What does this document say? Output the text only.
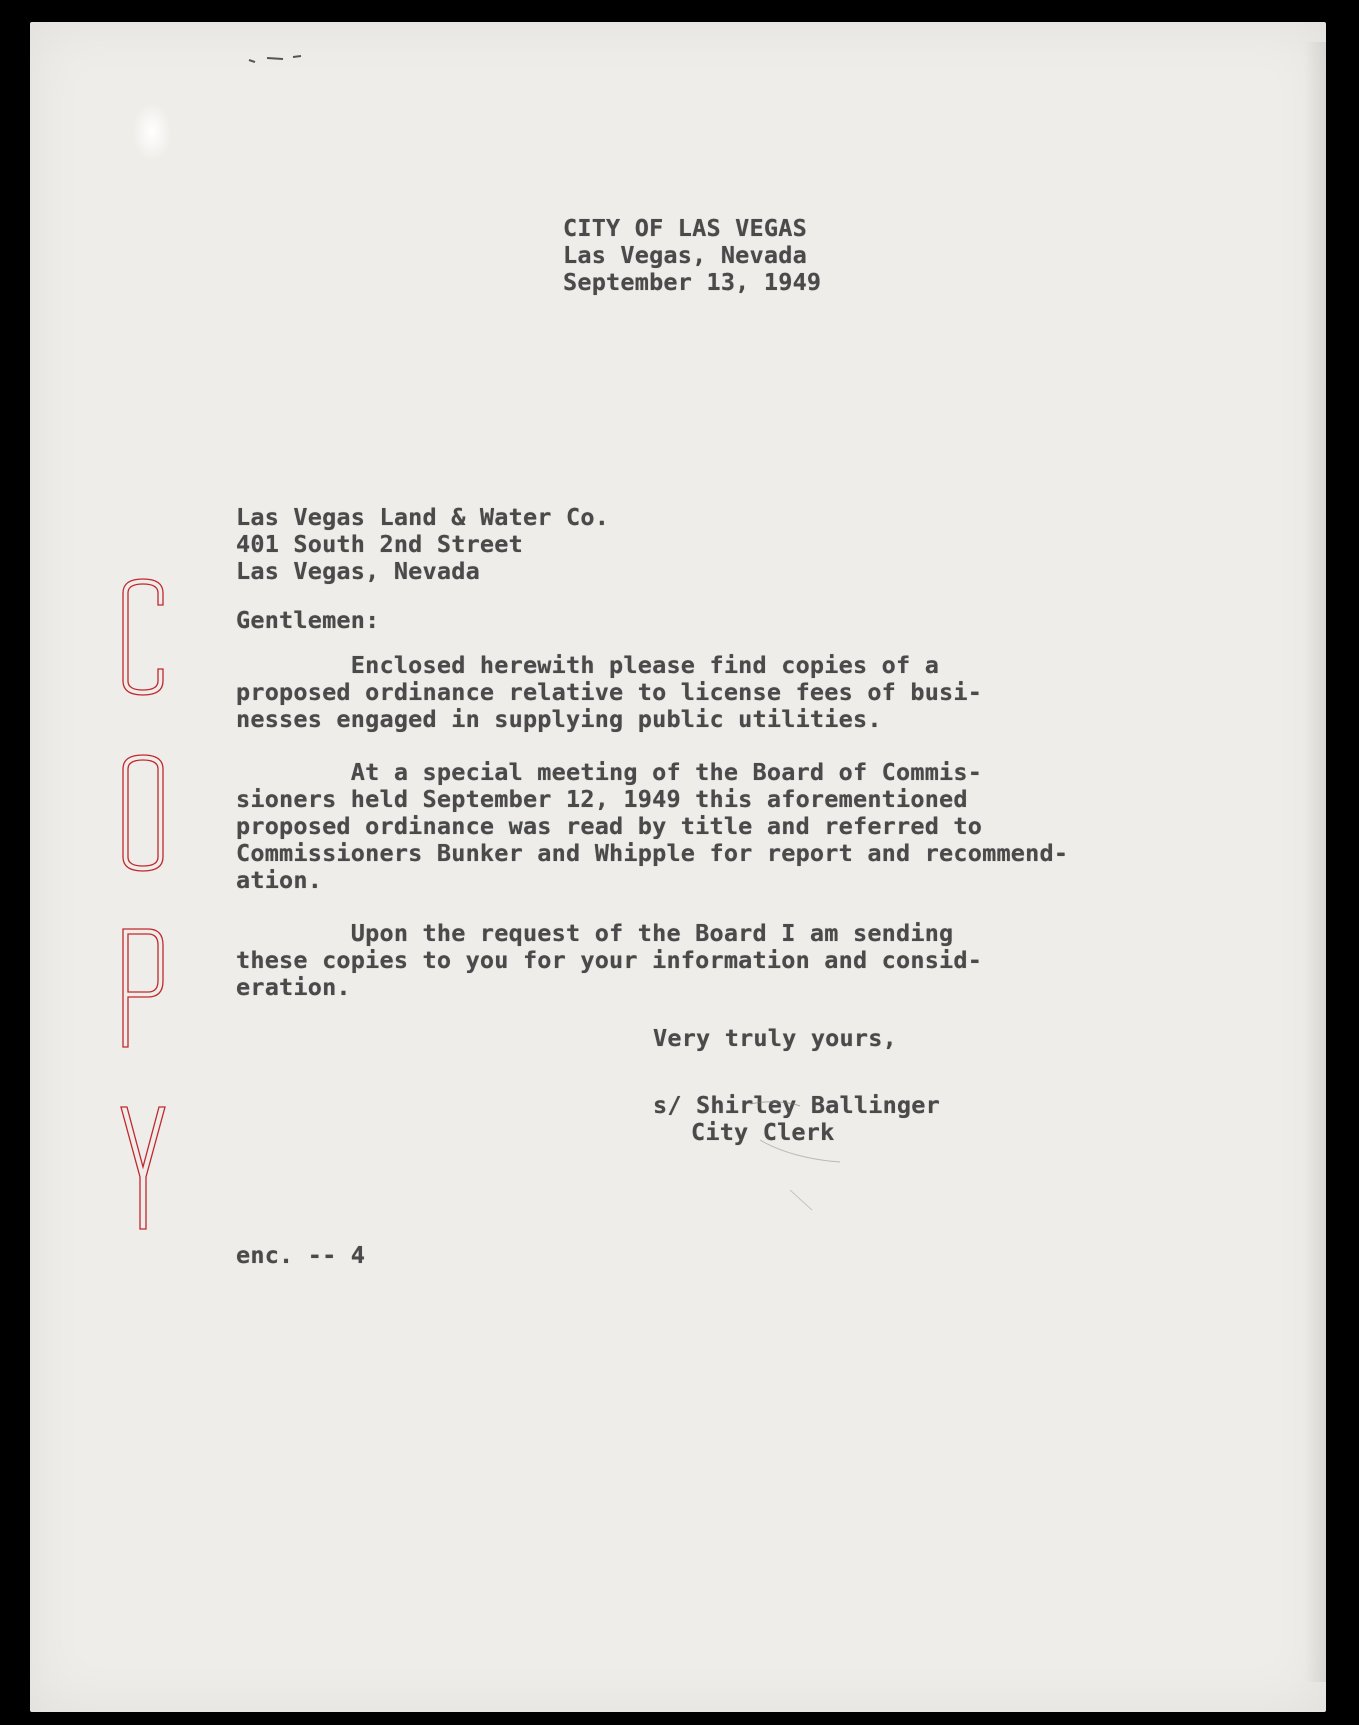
CITY OF LAS VEGAS
Las Vegas, Nevada
September 13, 1949
Las Vegas Land & Water Co.
401 South 2nd Street
Las Vegas, Nevada
Gentlemen:
Enclosed herewith please find copies of a
proposed ordinance relative to license fees of busi-
nesses engaged in supplying public utilities.
At a special meeting of the Board of Commis-
sioners held September 12, 1949 this aforementioned
proposed ordinance was read by title and referred to
Commissioners Bunker and Whipple for report and recommend-
ation.
Upon the request of the Board I am sending
these copies to you for your information and consid-
eration.
Very truly yours,
s/ Shirley Ballinger
City Clerk
enc. -- 4
